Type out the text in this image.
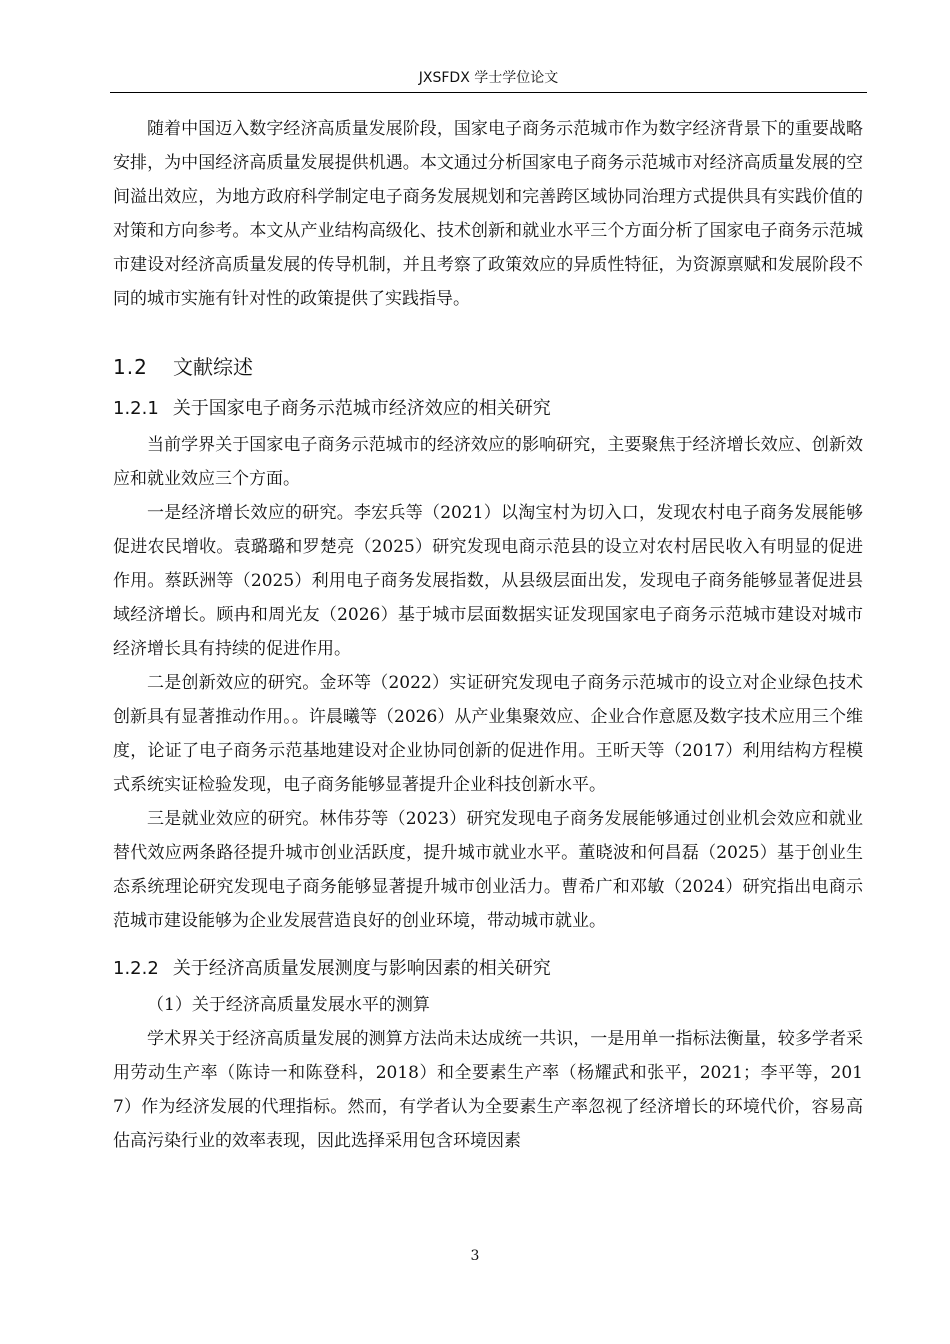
JXSFDX 学士学位论文

随着中国迈入数字经济高质量发展阶段，国家电子商务示范城市作为数字经济背景下的重要战略安排，为中国经济高质量发展提供机遇。本文通过分析国家电子商务示范城市对经济高质量发展的空间溢出效应，为地方政府科学制定电子商务发展规划和完善跨区域协同治理方式提供具有实践价值的对策和方向参考。本文从产业结构高级化、技术创新和就业水平三个方面分析了国家电子商务示范城市建设对经济高质量发展的传导机制，并且考察了政策效应的异质性特征，为资源禀赋和发展阶段不同的城市实施有针对性的政策提供了实践指导。

1.2 文献综述
1.2.1 关于国家电子商务示范城市经济效应的相关研究

当前学界关于国家电子商务示范城市的经济效应的影响研究，主要聚焦于经济增长效应、创新效应和就业效应三个方面。

一是经济增长效应的研究。李宏兵等（2021）以淘宝村为切入口，发现农村电子商务发展能够促进农民增收。袁璐璐和罗楚亮（2025）研究发现电商示范县的设立对农村居民收入有明显的促进作用。蔡跃洲等（2025）利用电子商务发展指数，从县级层面出发，发现电子商务能够显著促进县域经济增长。顾冉和周光友（2026）基于城市层面数据实证发现国家电子商务示范城市建设对城市经济增长具有持续的促进作用。

二是创新效应的研究。金环等（2022）实证研究发现电子商务示范城市的设立对企业绿色技术创新具有显著推动作用。。许晨曦等（2026）从产业集聚效应、企业合作意愿及数字技术应用三个维度，论证了电子商务示范基地建设对企业协同创新的促进作用。王昕天等（2017）利用结构方程模式系统实证检验发现，电子商务能够显著提升企业科技创新水平。

三是就业效应的研究。林伟芬等（2023）研究发现电子商务发展能够通过创业机会效应和就业替代效应两条路径提升城市创业活跃度，提升城市就业水平。董晓波和何昌磊（2025）基于创业生态系统理论研究发现电子商务能够显著提升城市创业活力。曹希广和邓敏（2024）研究指出电商示范城市建设能够为企业发展营造良好的创业环境，带动城市就业。

1.2.2 关于经济高质量发展测度与影响因素的相关研究

（1）关于经济高质量发展水平的测算

学术界关于经济高质量发展的测算方法尚未达成统一共识，一是用单一指标法衡量，较多学者采用劳动生产率（陈诗一和陈登科，2018）和全要素生产率（杨耀武和张平，2021；李平等，2017）作为经济发展的代理指标。然而，有学者认为全要素生产率忽视了经济增长的环境代价，容易高估高污染行业的效率表现，因此选择采用包含环境因素

3
